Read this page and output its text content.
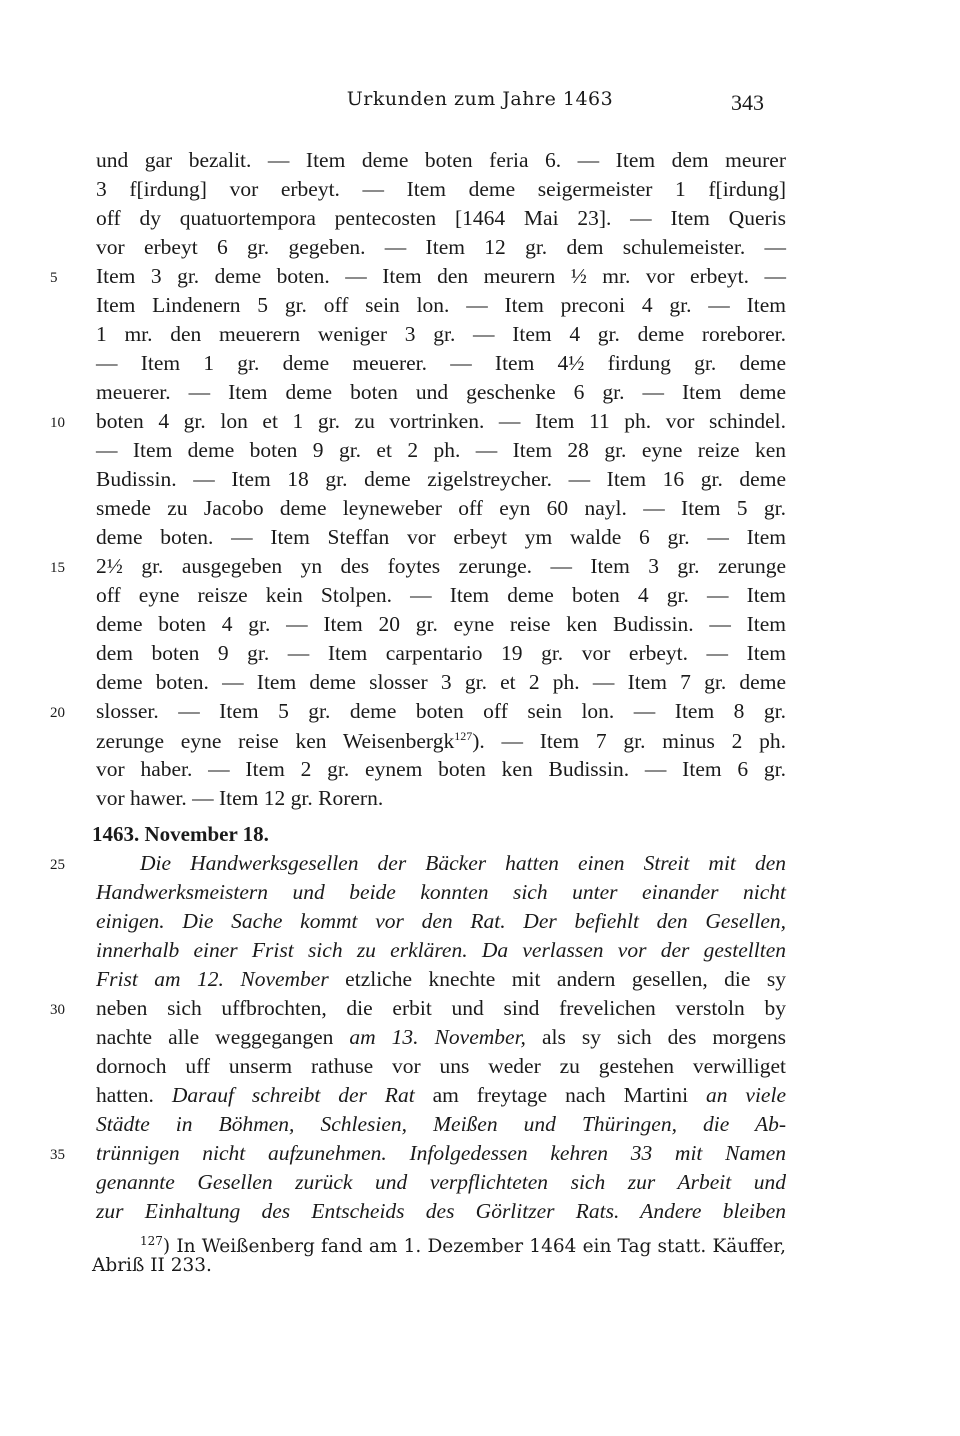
Urkunden zum Jahre 1463	343
und gar bezalit. — Item deme boten feria 6. — Item dem meurer
3 f[irdung] vor erbeyt. — Item deme seigermeister 1 f[irdung]
off dy quatuortempora pentecosten [1464 Mai 23]. — Item Queris
vor erbeyt 6 gr. gegeben. — Item 12 gr. dem schulemeister. —
Item 3 gr. deme boten. — Item den meurern ½ mr. vor erbeyt. —
Item Lindenern 5 gr. off sein lon. — Item preconi 4 gr. — Item
1 mr. den meuerern weniger 3 gr. — Item 4 gr. deme roreborer.
— Item 1 gr. deme meuerer. — Item 4½ firdung gr. deme
meuerer. — Item deme boten und geschenke 6 gr. — Item deme
boten 4 gr. lon et 1 gr. zu vortrinken. — Item 11 ph. vor schindel.
— Item deme boten 9 gr. et 2 ph. — Item 28 gr. eyne reize ken
Budissin. — Item 18 gr. deme zigelstreycher. — Item 16 gr. deme
smede zu Jacobo deme leyneweber off eyn 60 nayl. — Item 5 gr.
deme boten. — Item Steffan vor erbeyt ym walde 6 gr. — Item
2½ gr. ausgegeben yn des foytes zerunge. — Item 3 gr. zerunge
off eyne reisze kein Stolpen. — Item deme boten 4 gr. — Item
deme boten 4 gr. — Item 20 gr. eyne reise ken Budissin. — Item
dem boten 9 gr. — Item carpentario 19 gr. vor erbeyt. — Item
deme boten. — Item deme slosser 3 gr. et 2 ph. — Item 7 gr. deme
slosser. — Item 5 gr. deme boten off sein lon. — Item 8 gr.
zerunge eyne reise ken Weisenbergk$^{127}$). — Item 7 gr. minus 2 ph.
vor haber. — Item 2 gr. eynem boten ken Budissin. — Item 6 gr.
vor hawer. — Item 12 gr. Rorern.
1463. November 18.
Die Handwerksgesellen der Bäcker hatten einen Streit mit den
Handwerksmeistern und beide konnten sich unter einander nicht
einigen. Die Sache kommt vor den Rat. Der befiehlt den Gesellen,
innerhalb einer Frist sich zu erklären. Da verlassen vor der gestellten
Frist am 12. November etzliche knechte mit andern gesellen, die sy
neben sich uffbrochten, die erbit und sind frevelichen verstoln by
nachte alle weggegangen am 13. November, als sy sich des morgens
dornoch uff unserm rathuse vor uns weder zu gestehen verwilliget
hatten. Darauf schreibt der Rat am freytage nach Martini an viele
Städte in Böhmen, Schlesien, Meißen und Thüringen, die Ab-
trünnigen nicht aufzunehmen. Infolgedessen kehren 33 mit Namen
genannte Gesellen zurück und verpflichteten sich zur Arbeit und
zur Einhaltung des Entscheids des Görlitzer Rats. Andere bleiben
5
10
15
20
25
30
35
$^{127}$) In Weißenberg fand am 1. Dezember 1464 ein Tag statt. Käuffer,
Abriß II 233.
